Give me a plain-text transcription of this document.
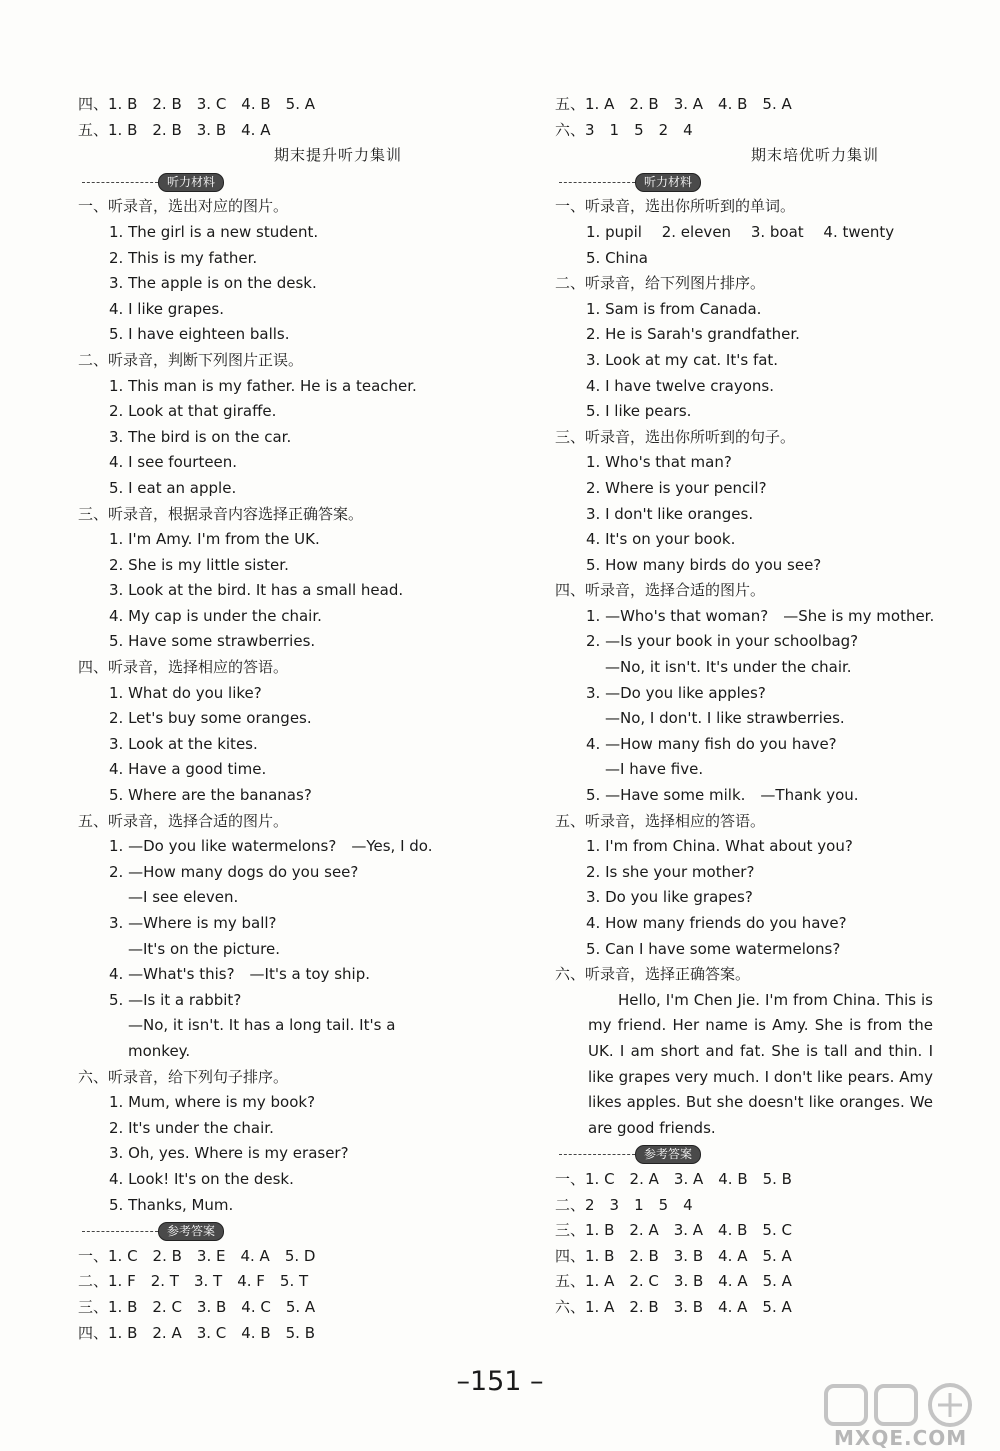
四、1. B　2. B　3. C　4. B　5. A
五、1. B　2. B　3. B　4. A
期末提升听力集训
听力材料
一、听录音，选出对应的图片。
1. The girl is a new student.
2. This is my father.
3. The apple is on the desk.
4. I like grapes.
5. I have eighteen balls.
二、听录音，判断下列图片正误。
1. This man is my father. He is a teacher.
2. Look at that giraffe.
3. The bird is on the car.
4. I see fourteen.
5. I eat an apple.
三、听录音，根据录音内容选择正确答案。
1. I'm Amy. I'm from the UK.
2. She is my little sister.
3. Look at the bird. It has a small head.
4. My cap is under the chair.
5. Have some strawberries.
四、听录音，选择相应的答语。
1. What do you like?
2. Let's buy some oranges.
3. Look at the kites.
4. Have a good time.
5. Where are the bananas?
五、听录音，选择合适的图片。
1. —Do you like watermelons?　—Yes, I do.
2. —How many dogs do you see?
—I see eleven.
3. —Where is my ball?
—It's on the picture.
4. —What's this?　—It's a toy ship.
5. —Is it a rabbit?
—No, it isn't. It has a long tail. It's a
monkey.
六、听录音，给下列句子排序。
1. Mum, where is my book?
2. It's under the chair.
3. Oh, yes. Where is my eraser?
4. Look! It's on the desk.
5. Thanks, Mum.
参考答案
一、1. C　2. B　3. E　4. A　5. D
二、1. F　2. T　3. T　4. F　5. T
三、1. B　2. C　3. B　4. C　5. A
四、1. B　2. A　3. C　4. B　5. B
五、1. A　2. B　3. A　4. B　5. A
六、3　1　5　2　4
期末培优听力集训
听力材料
一、听录音，选出你所听到的单词。
1. pupil　 2. eleven　 3. boat　 4. twenty
5. China
二、听录音，给下列图片排序。
1. Sam is from Canada.
2. He is Sarah's grandfather.
3. Look at my cat. It's fat.
4. I have twelve crayons.
5. I like pears.
三、听录音，选出你所听到的句子。
1. Who's that man?
2. Where is your pencil?
3. I don't like oranges.
4. It's on your book.
5. How many birds do you see?
四、听录音，选择合适的图片。
1. —Who's that woman?　—She is my mother.
2. —Is your book in your schoolbag?
—No, it isn't. It's under the chair.
3. —Do you like apples?
—No, I don't. I like strawberries.
4. —How many fish do you have?
—I have five.
5. —Have some milk.　—Thank you.
五、听录音，选择相应的答语。
1. I'm from China. What about you?
2. Is she your mother?
3. Do you like grapes?
4. How many friends do you have?
5. Can I have some watermelons?
六、听录音，选择正确答案。
Hello, I'm Chen Jie. I'm from China. This is my friend. Her name is Amy. She is from the UK. I am short and fat. She is tall and thin. I like grapes very much. I don't like pears. Amy likes apples. But she doesn't like oranges. We are good friends.
参考答案
一、1. C　2. A　3. A　4. B　5. B
二、2　3　1　5　4
三、1. B　2. A　3. A　4. B　5. C
四、1. B　2. B　3. B　4. A　5. A
五、1. A　2. C　3. B　4. A　5. A
六、1. A　2. B　3. B　4. A　5. A
–151 –
MXQE.COM
